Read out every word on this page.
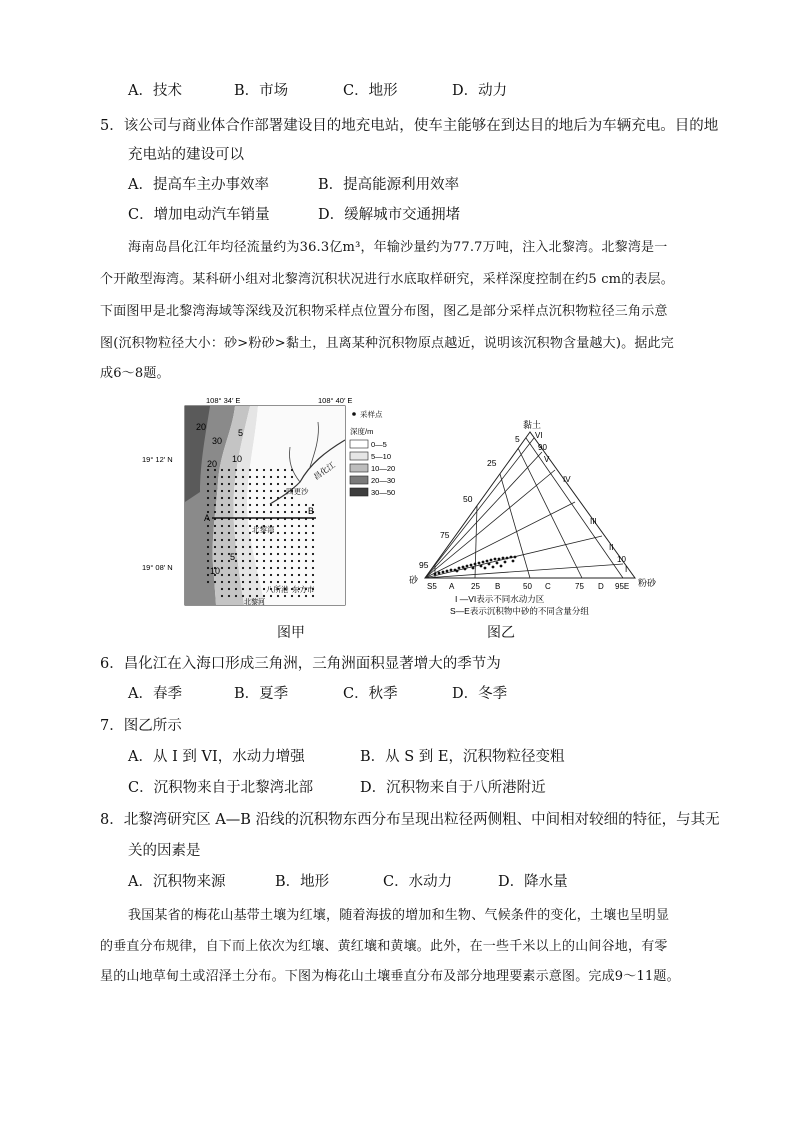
A．技术	B．市场	C．地形	D．动力
5．该公司与商业体合作部署建设目的地充电站，使车主能够在到达目的地后为车辆充电。目的地
充电站的建设可以
A．提高车主办事效率	B．提高能源利用效率
C．增加电动汽车销量	D．缓解城市交通拥堵
海南岛昌化江年均径流量约为36.3亿m³，年输沙量约为77.7万吨，注入北黎湾。北黎湾是一
个开敞型海湾。某科研小组对北黎湾沉积状况进行水底取样研究，采样深度控制在约5 cm的表层。
下面图甲是北黎湾海域等深线及沉积物采样点位置分布图，图乙是部分采样点沉积物粒径三角示意
图(沉积物粒径大小：砂>粉砂>黏土，且离某种沉积物原点越近，说明该沉积物含量越大)。据此完
成6～8题。
A
B
30
20
20 10
5
5
10
昌化江
四更沙
北黎湾
八所港 东方市
北黎河
108° 34′ E	108° 40′ E
19° 12′ N
19° 08′ N
采样点
深度/m
0—5
5—10
10—20
20—30
30—50
图甲
黏土
砂	粉砂
5
25
50
75
95
VI
90
V
IV
III
II
10
I
S5 A 25 B	50 C	75 D 95E
I —VI表示不同水动力区
S—E表示沉积物中砂的不同含量分组
图乙
6．昌化江在入海口形成三角洲，三角洲面积显著增大的季节为
A．春季	B．夏季	C．秋季	D．冬季
7．图乙所示
A．从 I 到 VI，水动力增强	B．从 S 到 E，沉积物粒径变粗
C．沉积物来自于北黎湾北部	D．沉积物来自于八所港附近
8．北黎湾研究区 A—B 沿线的沉积物东西分布呈现出粒径两侧粗、中间相对较细的特征，与其无
关的因素是
A．沉积物来源	B．地形	C．水动力	D．降水量
我国某省的梅花山基带土壤为红壤，随着海拔的增加和生物、气候条件的变化，土壤也呈明显
的垂直分布规律，自下而上依次为红壤、黄红壤和黄壤。此外，在一些千米以上的山间谷地，有零
星的山地草甸土或沼泽土分布。下图为梅花山土壤垂直分布及部分地理要素示意图。完成9～11题。
